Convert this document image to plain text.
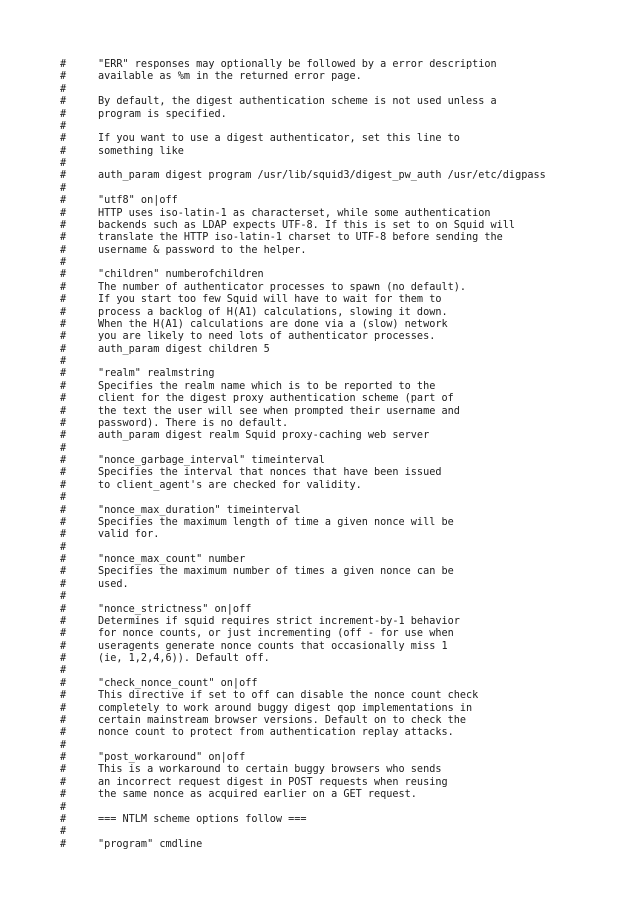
#	"ERR" responses may optionally be followed by a error description
#	available as %m in the returned error page.
#
#	By default, the digest authentication scheme is not used unless a
#	program is specified.
#
#	If you want to use a digest authenticator, set this line to
#	something like
#
#	auth_param digest program /usr/lib/squid3/digest_pw_auth /usr/etc/digpass
#
#	"utf8" on|off
#	HTTP uses iso-latin-1 as characterset, while some authentication
#	backends such as LDAP expects UTF-8. If this is set to on Squid will
#	translate the HTTP iso-latin-1 charset to UTF-8 before sending the
#	username & password to the helper.
#
#	"children" numberofchildren
#	The number of authenticator processes to spawn (no default).
#	If you start too few Squid will have to wait for them to
#	process a backlog of H(A1) calculations, slowing it down.
#	When the H(A1) calculations are done via a (slow) network
#	you are likely to need lots of authenticator processes.
#	auth_param digest children 5
#
#	"realm" realmstring
#	Specifies the realm name which is to be reported to the
#	client for the digest proxy authentication scheme (part of
#	the text the user will see when prompted their username and
#	password). There is no default.
#	auth_param digest realm Squid proxy-caching web server
#
#	"nonce_garbage_interval" timeinterval
#	Specifies the interval that nonces that have been issued
#	to client_agent's are checked for validity.
#
#	"nonce_max_duration" timeinterval
#	Specifies the maximum length of time a given nonce will be
#	valid for.
#
#	"nonce_max_count" number
#	Specifies the maximum number of times a given nonce can be
#	used.
#
#	"nonce_strictness" on|off
#	Determines if squid requires strict increment-by-1 behavior
#	for nonce counts, or just incrementing (off - for use when
#	useragents generate nonce counts that occasionally miss 1
#	(ie, 1,2,4,6)). Default off.
#
#	"check_nonce_count" on|off
#	This directive if set to off can disable the nonce count check
#	completely to work around buggy digest qop implementations in
#	certain mainstream browser versions. Default on to check the
#	nonce count to protect from authentication replay attacks.
#
#	"post_workaround" on|off
#	This is a workaround to certain buggy browsers who sends
#	an incorrect request digest in POST requests when reusing
#	the same nonce as acquired earlier on a GET request.
#
#	=== NTLM scheme options follow ===
#
#	"program" cmdline
